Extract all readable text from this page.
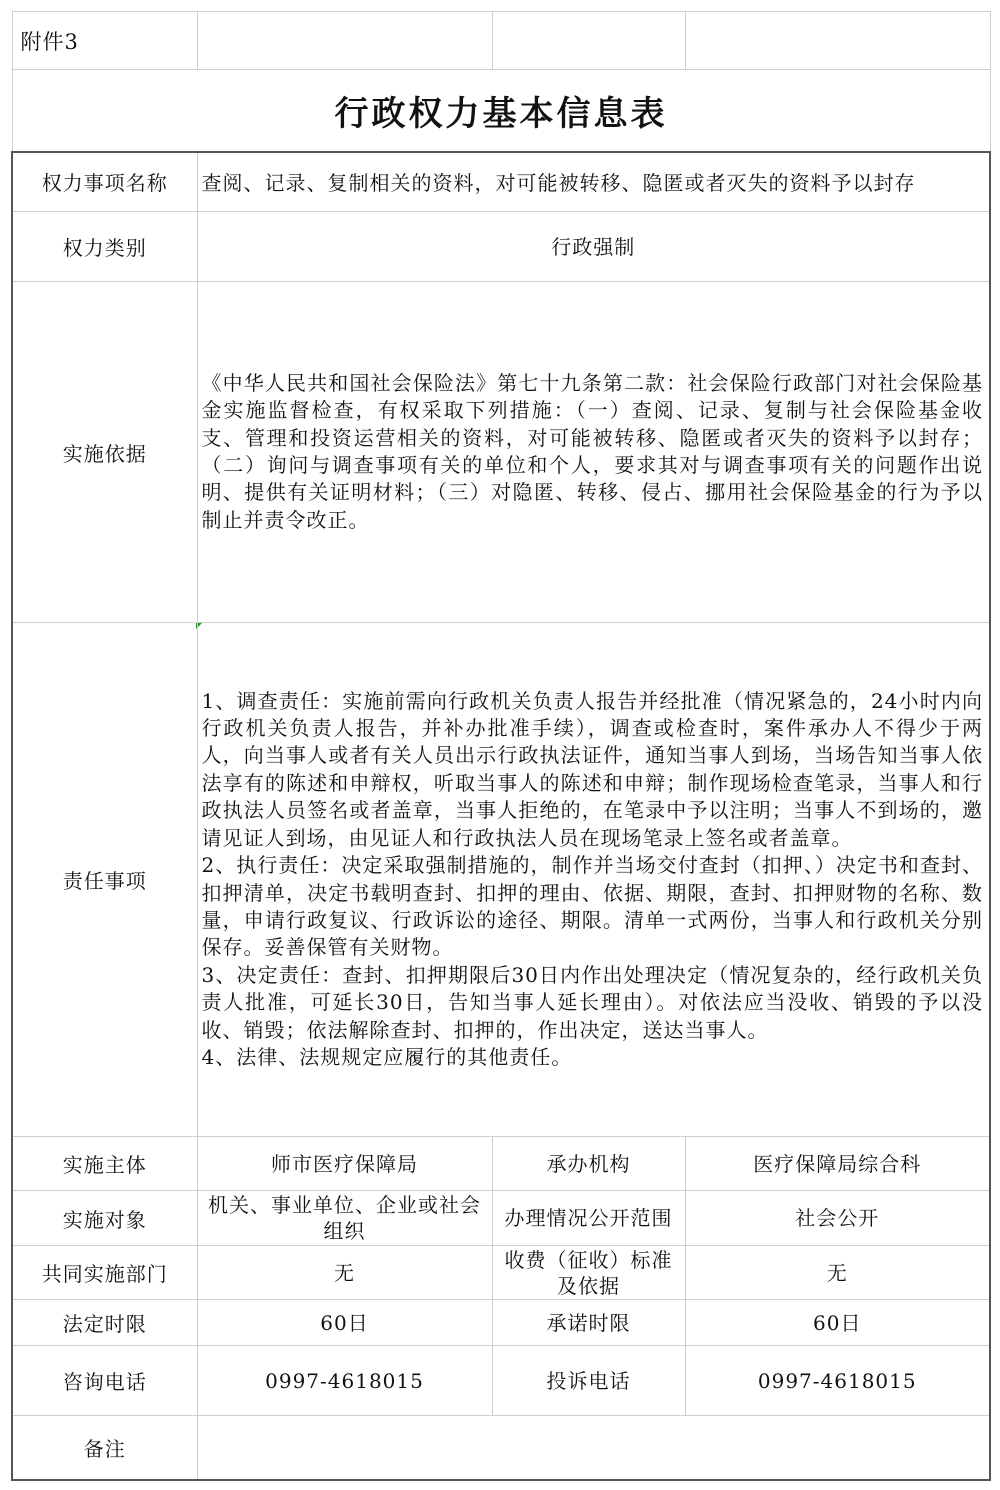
附件3			
行政权力基本信息表			
权力事项名称	查阅、记录、复制相关的资料，对可能被转移、隐匿或者灭失的资料予以封存		
权力类别	行政强制		
实施依据	《中华人民共和国社会保险法》第七十九条第二款：社会保险行政部门对社会保险基金实施监督检查，有权采取下列措施：（一）查阅、记录、复制与社会保险基金收支、管理和投资运营相关的资料，对可能被转移、隐匿或者灭失的资料予以封存；（二）询问与调查事项有关的单位和个人，要求其对与调查事项有关的问题作出说明、提供有关证明材料；（三）对隐匿、转移、侵占、挪用社会保险基金的行为予以制止并责令改正。		
责任事项	1、调查责任：实施前需向行政机关负责人报告并经批准（情况紧急的，24小时内向行政机关负责人报告，并补办批准手续），调查或检查时，案件承办人不得少于两人，向当事人或者有关人员出示行政执法证件，通知当事人到场，当场告知当事人依法享有的陈述和申辩权，听取当事人的陈述和申辩；制作现场检查笔录，当事人和行政执法人员签名或者盖章，当事人拒绝的，在笔录中予以注明；当事人不到场的，邀请见证人到场，由见证人和行政执法人员在现场笔录上签名或者盖章。
2、执行责任：决定采取强制措施的，制作并当场交付查封（扣押、）决定书和查封、扣押清单，决定书载明查封、扣押的理由、依据、期限，查封、扣押财物的名称、数量，申请行政复议、行政诉讼的途径、期限。清单一式两份，当事人和行政机关分别保存。妥善保管有关财物。
3、决定责任：查封、扣押期限后30日内作出处理决定（情况复杂的，经行政机关负责人批准，可延长30日，告知当事人延长理由）。对依法应当没收、销毁的予以没收、销毁；依法解除查封、扣押的，作出决定，送达当事人。
4、法律、法规规定应履行的其他责任。		
实施主体	师市医疗保障局	承办机构	医疗保障局综合科
实施对象	机关、事业单位、企业或社会组织	办理情况公开范围	社会公开
共同实施部门	无	收费（征收）标准及依据	无
法定时限	60日	承诺时限	60日
咨询电话	0997-4618015	投诉电话	0997-4618015
备注			
